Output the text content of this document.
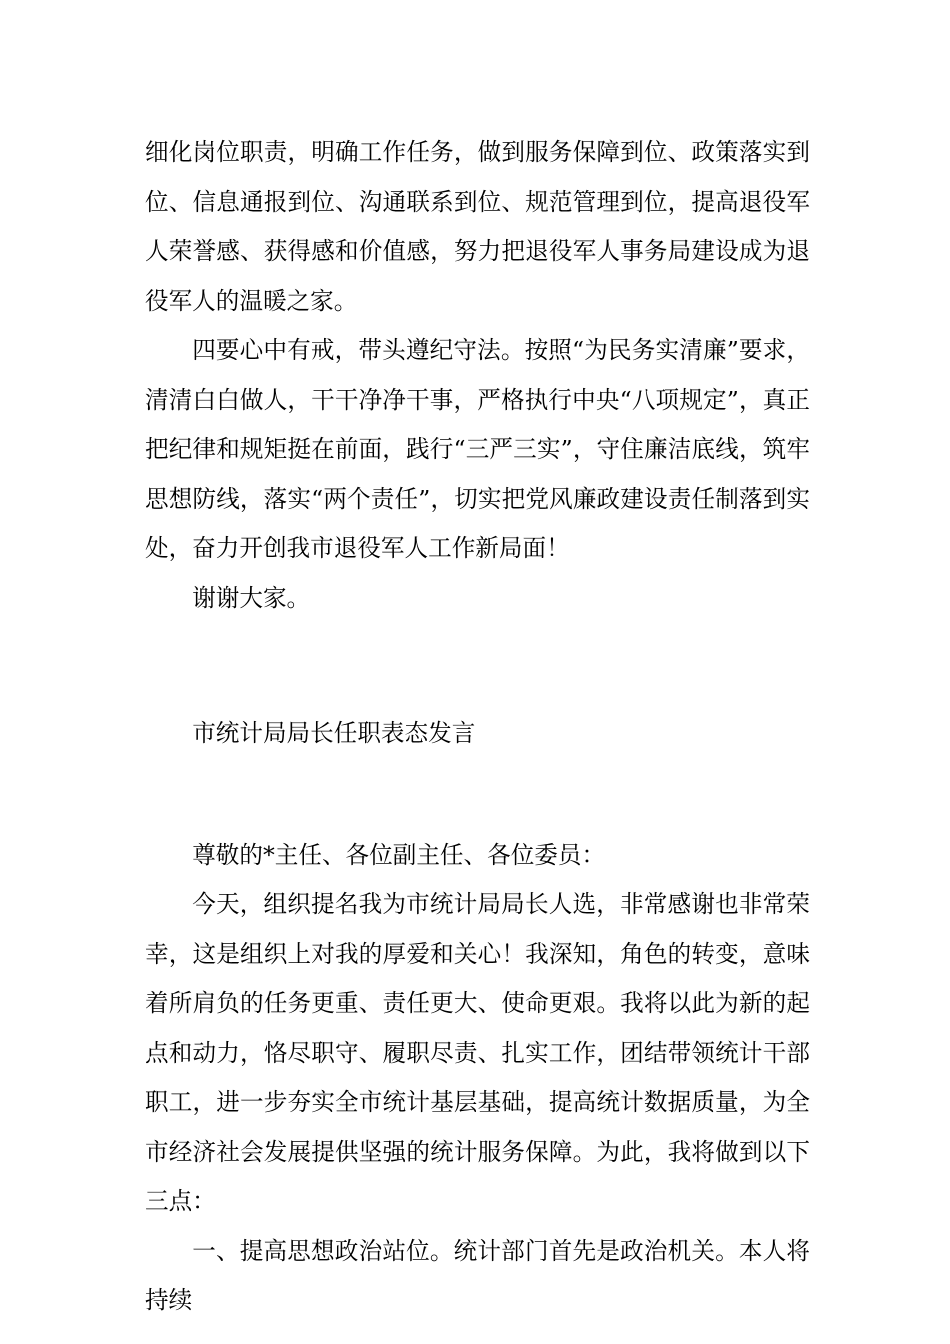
细化岗位职责，明确工作任务，做到服务保障到位、政策落实到位、信息通报到位、沟通联系到位、规范管理到位，提高退役军人荣誉感、获得感和价值感，努力把退役军人事务局建设成为退役军人的温暖之家。

四要心中有戒，带头遵纪守法。按照“为民务实清廉”要求，清清白白做人，干干净净干事，严格执行中央“八项规定”，真正把纪律和规矩挺在前面，践行“三严三实”，守住廉洁底线，筑牢思想防线，落实“两个责任”，切实把党风廉政建设责任制落到实处，奋力开创我市退役军人工作新局面！

谢谢大家。

市统计局局长任职表态发言

尊敬的*主任、各位副主任、各位委员：

今天，组织提名我为市统计局局长人选，非常感谢也非常荣幸，这是组织上对我的厚爱和关心！我深知，角色的转变，意味着所肩负的任务更重、责任更大、使命更艰。我将以此为新的起点和动力，恪尽职守、履职尽责、扎实工作，团结带领统计干部职工，进一步夯实全市统计基层基础，提高统计数据质量，为全市经济社会发展提供坚强的统计服务保障。为此，我将做到以下三点：

一、提高思想政治站位。统计部门首先是政治机关。本人将持续
